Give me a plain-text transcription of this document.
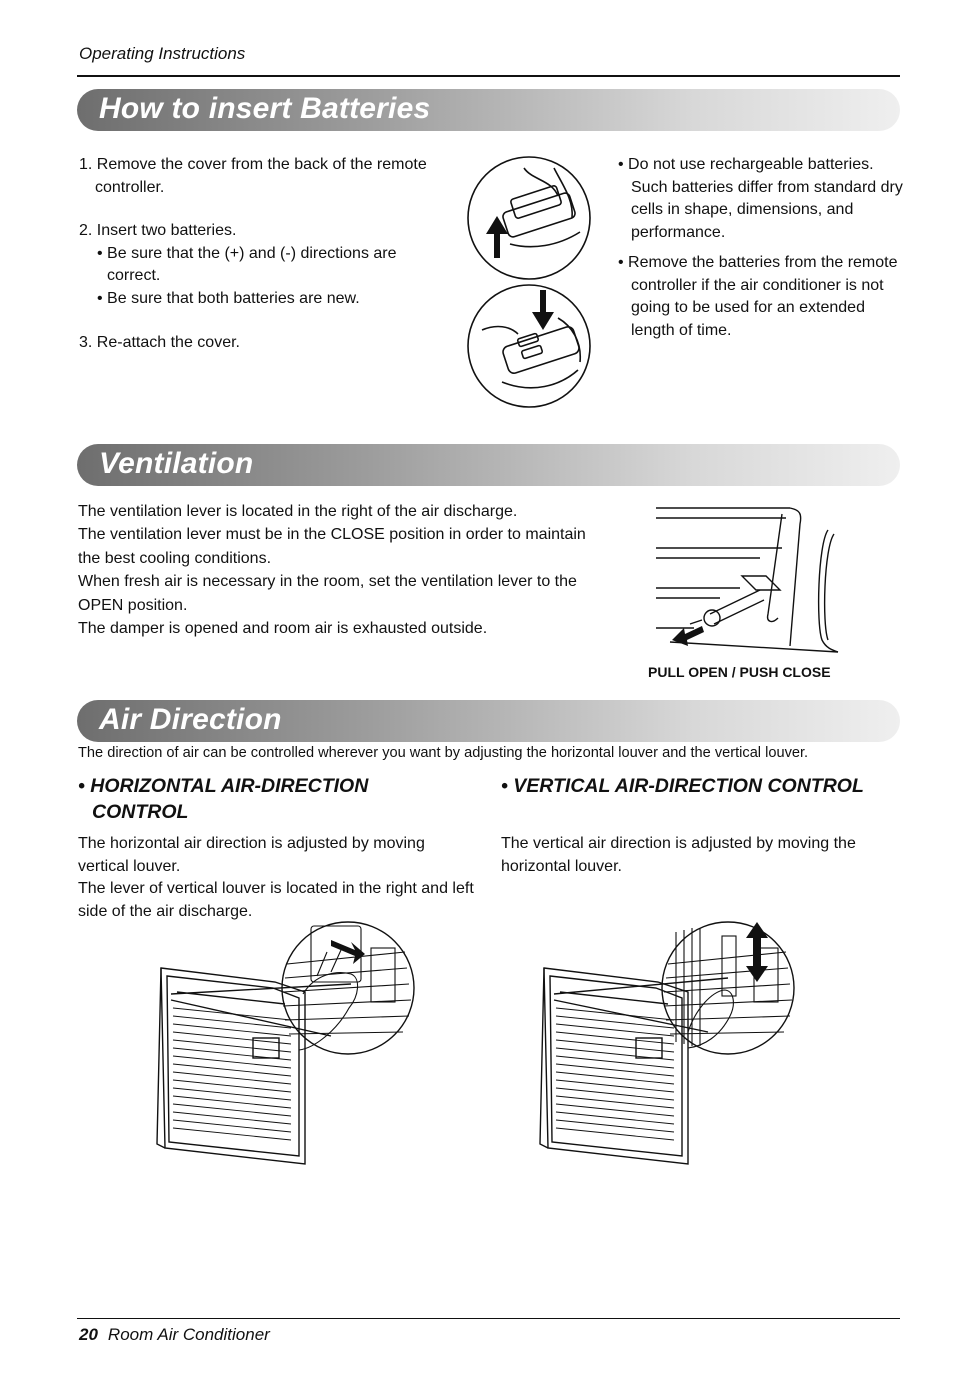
Operating Instructions
How to insert Batteries

1. Remove the cover from the back of the remote

controller.

2. Insert two batteries.

• Be sure that the (+) and (-) directions are

correct.

• Be sure that both batteries are new.

3. Re-attach the cover.

• Do not use rechargeable batteries. Such batteries differ from standard dry cells in shape, dimensions, and performance.

• Remove the batteries from the remote controller if the air conditioner is not going to be used for an extended length of time.

Ventilation

The ventilation lever is located in the right of the air discharge.

The ventilation lever must be in the CLOSE position in order to maintain the best cooling conditions.

When fresh air is necessary in the room, set the ventilation lever to the OPEN position.

The damper is opened and room air is exhausted outside.

PULL OPEN / PUSH CLOSE
Air Direction
The direction of air can be controlled wherever you want by adjusting the horizontal louver and the vertical louver.
• HORIZONTAL AIR-DIRECTION
CONTROL

The horizontal air direction is adjusted by moving vertical louver.

The lever of vertical louver is located in the right and left side of the air discharge.

• VERTICAL AIR-DIRECTION CONTROL

The vertical air direction is adjusted by moving the horizontal louver.

20 Room Air Conditioner
